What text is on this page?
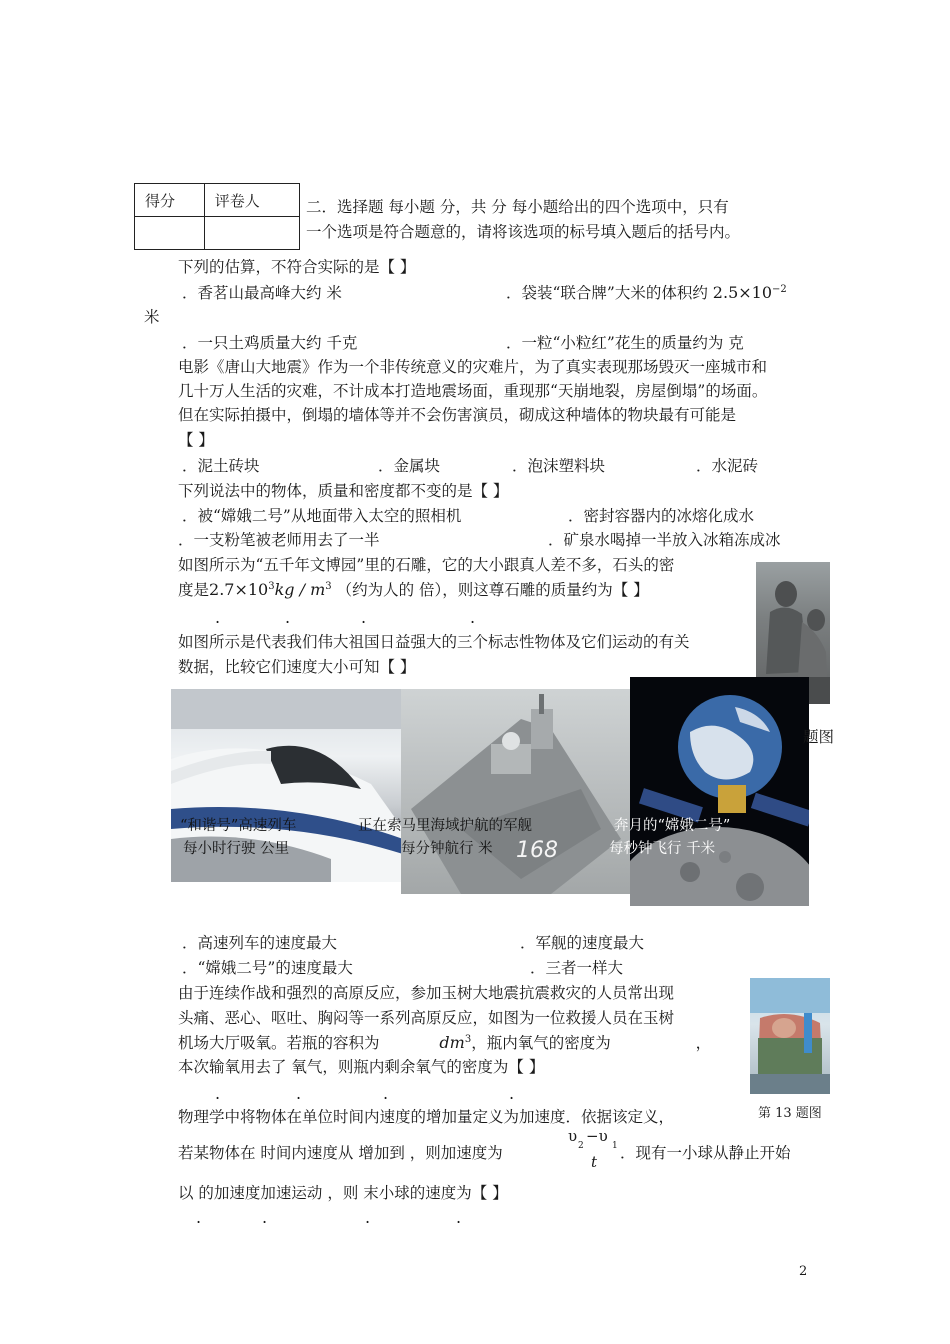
得分	评卷人
		二．选择题 每小题 分，共 分 每小题给出的四个选项中，只有
一个选项是符合题意的，请将该选项的标号填入题后的括号内。
下列的估算，不符合实际的是【 】
．香茗山最高峰大约 米	．袋装“联合牌”大米的体积约 $2.5\times 10^{-2}$
米
．一只土鸡质量大约 千克	．一粒“小粒红”花生的质量约为 克
电影《唐山大地震》作为一个非传统意义的灾难片，为了真实表现那场毁灭一座城市和
几十万人生活的灾难，不计成本打造地震场面，重现那“天崩地裂，房屋倒塌”的场面。
但在实际拍摄中，倒塌的墙体等并不会伤害演员，砌成这种墙体的物块最有可能是
【 】
．泥土砖块	．金属块	．泡沫塑料块	．水泥砖
下列说法中的物体，质量和密度都不变的是【 】
．被“嫦娥二号”从地面带入太空的照相机	．密封容器内的冰熔化成水
．一支粉笔被老师用去了一半	．矿泉水喝掉一半放入冰箱冻成冰
如图所示为“五千年文博园”里的石雕，它的大小跟真人差不多，石头的密
度是$2.7\times 10^3kg / m^3$ （约为人的 倍），则这尊石雕的质量约为【 】
.	.	.	.
如图所示是代表我们伟大祖国日益强大的三个标志性物体及它们运动的有关
数据，比较它们速度大小可知【 】
168
题图
“和谐号”高速列车
每小时行驶 公里
正在索马里海域护航的军舰
每分钟航行 米
奔月的“嫦娥二号”
每秒钟飞行 千米
．高速列车的速度最大	．军舰的速度最大
．“嫦娥二号”的速度最大	．三者一样大
由于连续作战和强烈的高原反应，参加玉树大地震抗震救灾的人员常出现
头痛、恶心、呕吐、胸闷等一系列高原反应，如图为一位救援人员在玉树
机场大厅吸氧。若瓶的容积为	$dm^3$，瓶内氧气的密度为	，
本次输氧用去了 氧气，则瓶内剩余氧气的密度为【 】
.	.	.	.
第 13 题图
物理学中将物体在单位时间内速度的增加量定义为加速度．依据该定义，
若某物体在 时间内速度从 增加到 ，则加速度为
υ −υ
2	1
t ．现有一小球从静止开始
以 的加速度加速运动 ，则 末小球的速度为【 】
.	.	.	.
2
